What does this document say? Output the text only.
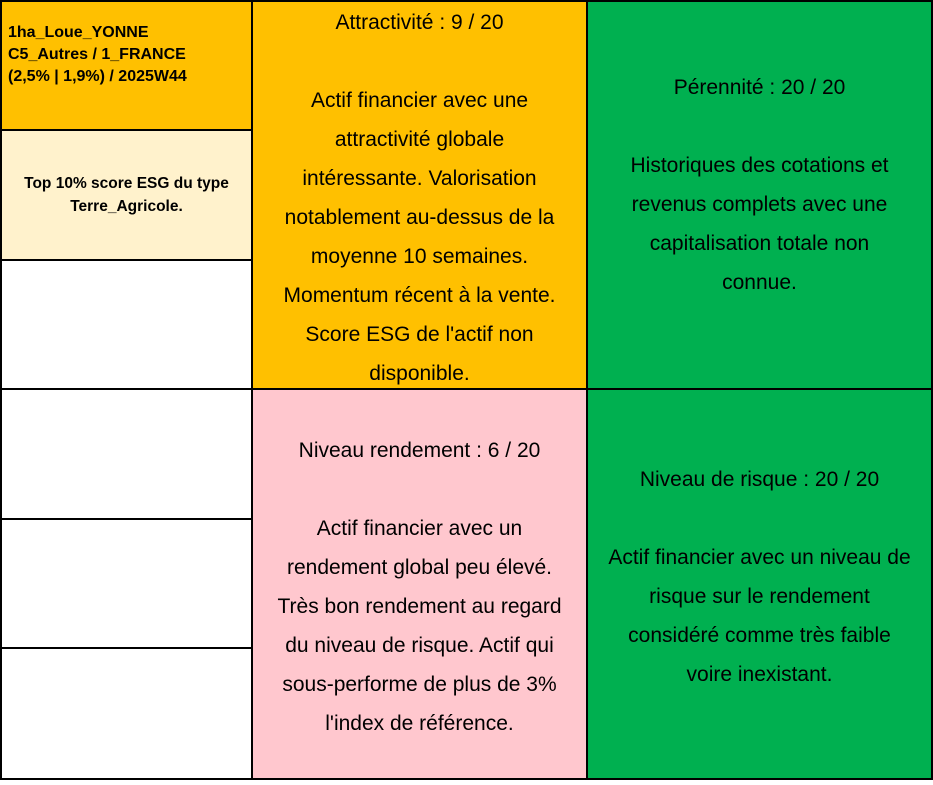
1ha_Loue_YONNE
C5_Autres / 1_FRANCE
(2,5% | 1,9%) / 2025W44
Top 10% score ESG du type
Terre_Agricole.
Attractivité : 9 / 20
Actif financier avec une
attractivité globale
intéressante. Valorisation
notablement au-dessus de la
moyenne 10 semaines.
Momentum récent à la vente.
Score ESG de l'actif non
disponible.
Pérennité : 20 / 20
Historiques des cotations et
revenus complets avec une
capitalisation totale non
connue.
Niveau rendement : 6 / 20
Actif financier avec un
rendement global peu élevé.
Très bon rendement au regard
du niveau de risque. Actif qui
sous-performe de plus de 3%
l'index de référence.
Niveau de risque : 20 / 20
Actif financier avec un niveau de
risque sur le rendement
considéré comme très faible
voire inexistant.
